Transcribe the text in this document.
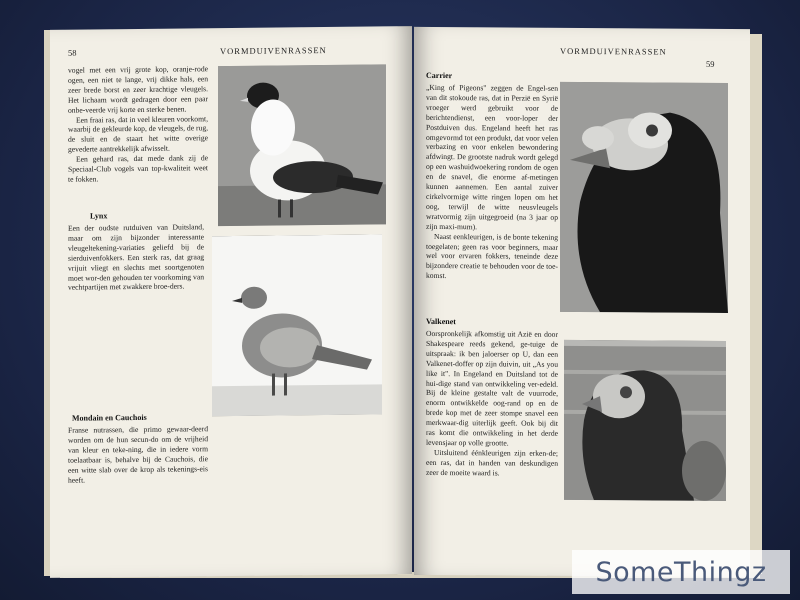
58	VORMDUIVENRASSEN

vogel met een vrij grote kop, oranje-rode ogen, een niet te lange, vrij dikke hals, een zeer brede borst en zeer krachtige vleugels. Het lichaam wordt gedragen door een paar onbe-veerde vrij korte en sterke benen.

Een fraai ras, dat in veel kleuren voorkomt, waarbij de gekleurde kop, de vleugels, de rug, de sluit en de staart het witte overige gevederte aantrekkelijk afwisselt.

Een gehard ras, dat mede dank zij de Speciaal-Club vogels van top-kwaliteit weet te fokken.

Lynx

Een der oudste rutduiven van Duitsland, maar om zijn bijzonder interessante vleugeltekening-variaties geliefd bij de sierduivenfokkers. Een sterk ras, dat graag vrijuit vliegt en slechts met soortgenoten moet wor-den gehouden ter voorkoming van vechtpartijen met zwakkere broe-ders.

Mondain en Cauchois

Franse nutrassen, die primo gewaar-deerd worden om de hun secun-do om de vrijheid van kleur en teke-ning, die in iedere vorm toelaatbaar is, behalve bij de Cauchois, die een witte slab over de krop als tekenings-eis heeft.

VORMDUIVENRASSEN
59

Carrier

„King of Pigeons" zeggen de Engel-sen van dit stokoude ras, dat in Perzië en Syrië vroeger werd gebruikt voor de berichtendienst, een voor-loper der Postduiven dus. Engeland heeft het ras omgevormd tot een produkt, dat voor velen verbazing en voor enkelen bewondering afdwingt. De grootste nadruk wordt gelegd op een washuidwoekering rondom de ogen en de snavel, die enorme af-metingen kunnen aannemen. Een aantal zuiver cirkelvormige witte ringen lopen om het oog, terwijl de witte neusvleugels wratvormig zijn uitgegroeid (na 3 jaar op zijn maxi-mum).

Naast eenkleurigen, is de bonte tekening toegelaten; geen ras voor beginners, maar wel voor ervaren fokkers, teneinde deze bijzondere creatie te behouden voor de toe-komst.

Valkenet

Oorspronkelijk afkomstig uit Azië en door Shakespeare reeds gekend, ge-tuige de uitspraak: ik ben jaloerser op U, dan een Valkenet-doffer op zijn duivin, uit „As you like it". In Engeland en Duitsland tot de hui-dige stand van ontwikkeling ver-edeld. Bij de kleine gestalte valt de vuurrode, enorm ontwikkelde oog-rand op en de brede kop met de zeer stompe snavel een merkwaar-dig uiterlijk geeft. Ook bij dit ras komt die ontwikkeling in het derde levensjaar op volle grootte.

Uitsluitend éénkleurigen zijn erken-de; een ras, dat in handen van deskundigen zeer de moeite waard is.

SomeThingz
